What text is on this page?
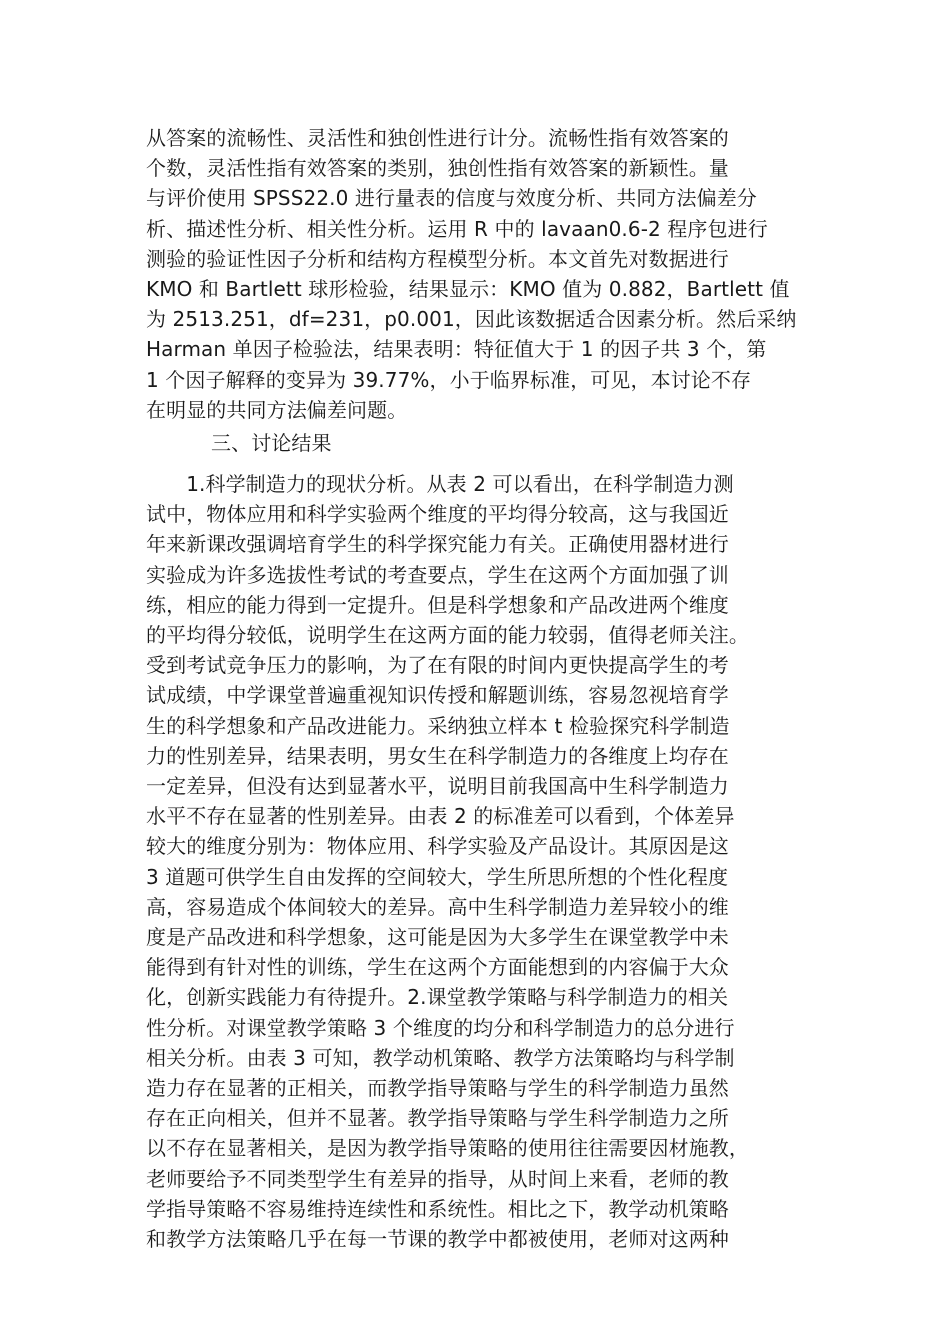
从答案的流畅性、灵活性和独创性进行计分。流畅性指有效答案的
个数，灵活性指有效答案的类别，独创性指有效答案的新颖性。量
与评价使用 SPSS22.0 进行量表的信度与效度分析、共同方法偏差分
析、描述性分析、相关性分析。运用 R 中的 lavaan0.6-2 程序包进行
测验的验证性因子分析和结构方程模型分析。本文首先对数据进行
KMO 和 Bartlett 球形检验，结果显示：KMO 值为 0.882，Bartlett 值
为 2513.251，df=231，p0.001，因此该数据适合因素分析。然后采纳
Harman 单因子检验法，结果表明：特征值大于 1 的因子共 3 个，第
1 个因子解释的变异为 39.77%，小于临界标准，可见，本讨论不存
在明显的共同方法偏差问题。
三、讨论结果
　　1.科学制造力的现状分析。从表 2 可以看出，在科学制造力测
试中，物体应用和科学实验两个维度的平均得分较高，这与我国近
年来新课改强调培育学生的科学探究能力有关。正确使用器材进行
实验成为许多选拔性考试的考查要点，学生在这两个方面加强了训
练，相应的能力得到一定提升。但是科学想象和产品改进两个维度
的平均得分较低，说明学生在这两方面的能力较弱，值得老师关注。
受到考试竞争压力的影响，为了在有限的时间内更快提高学生的考
试成绩，中学课堂普遍重视知识传授和解题训练，容易忽视培育学
生的科学想象和产品改进能力。采纳独立样本 t 检验探究科学制造
力的性别差异，结果表明，男女生在科学制造力的各维度上均存在
一定差异，但没有达到显著水平，说明目前我国高中生科学制造力
水平不存在显著的性别差异。由表 2 的标准差可以看到，个体差异
较大的维度分别为：物体应用、科学实验及产品设计。其原因是这
3 道题可供学生自由发挥的空间较大，学生所思所想的个性化程度
高，容易造成个体间较大的差异。高中生科学制造力差异较小的维
度是产品改进和科学想象，这可能是因为大多学生在课堂教学中未
能得到有针对性的训练，学生在这两个方面能想到的内容偏于大众
化，创新实践能力有待提升。2.课堂教学策略与科学制造力的相关
性分析。对课堂教学策略 3 个维度的均分和科学制造力的总分进行
相关分析。由表 3 可知，教学动机策略、教学方法策略均与科学制
造力存在显著的正相关，而教学指导策略与学生的科学制造力虽然
存在正向相关，但并不显著。教学指导策略与学生科学制造力之所
以不存在显著相关，是因为教学指导策略的使用往往需要因材施教，
老师要给予不同类型学生有差异的指导，从时间上来看，老师的教
学指导策略不容易维持连续性和系统性。相比之下，教学动机策略
和教学方法策略几乎在每一节课的教学中都被使用，老师对这两种
